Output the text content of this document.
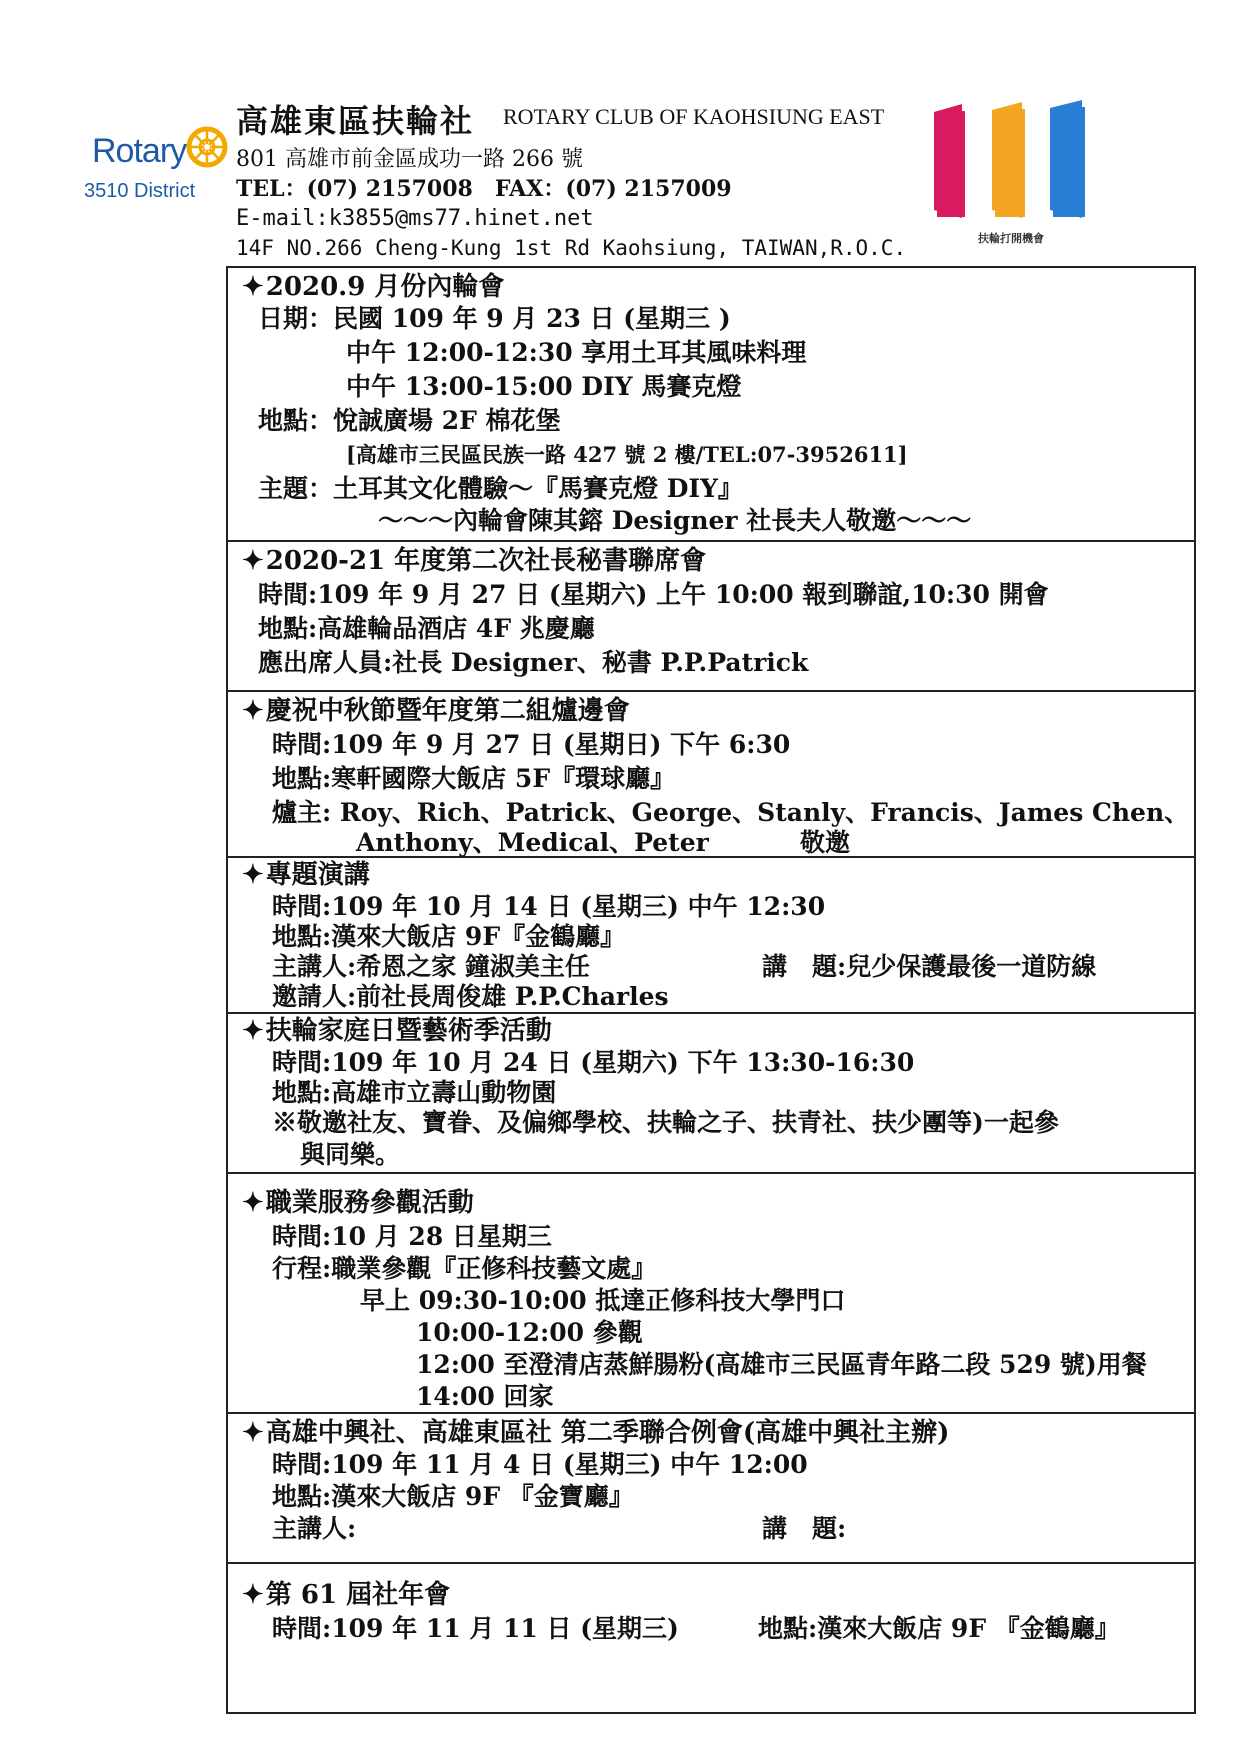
Rotary
3510 District
高雄東區扶輪社 ROTARY CLUB OF KAOHSIUNG EAST
801 高雄市前金區成功一路 266 號
TEL：(07) 2157008　FAX：(07) 2157009
E-mail:k3855@ms77.hinet.net
14F NO.266 Cheng-Kung 1st Rd Kaohsiung, TAIWAN,R.O.C.	扶輪打開機會
✦2020.9 月份內輪會
日期：民國 109 年 9 月 23 日 (星期三 )
中午 12:00-12:30 享用土耳其風味料理
中午 13:00-15:00 DIY 馬賽克燈
地點：悅誠廣場 2F 棉花堡
[高雄市三民區民族一路 427 號 2 樓/TEL:07-3952611]
主題：土耳其文化體驗～『馬賽克燈 DIY』
～～～內輪會陳其鎔 Designer 社長夫人敬邀～～～
✦2020-21 年度第二次社長秘書聯席會
時間:109 年 9 月 27 日 (星期六) 上午 10:00 報到聯誼,10:30 開會
地點:高雄輪品酒店 4F 兆慶廳
應出席人員:社長 Designer、秘書 P.P.Patrick
✦慶祝中秋節暨年度第二組爐邊會
時間:109 年 9 月 27 日 (星期日) 下午 6:30
地點:寒軒國際大飯店 5F『環球廳』
爐主: Roy、Rich、Patrick、George、Stanly、Francis、James Chen、
Anthony、Medical、Peter	敬邀
✦專題演講
時間:109 年 10 月 14 日 (星期三) 中午 12:30
地點:漢來大飯店 9F『金鶴廳』
主講人:希恩之家 鐘淑美主任	講　題:兒少保護最後一道防線
邀請人:前社長周俊雄 P.P.Charles
✦扶輪家庭日暨藝術季活動
時間:109 年 10 月 24 日 (星期六) 下午 13:30-16:30
地點:高雄市立壽山動物園
※敬邀社友、寶眷、及偏鄉學校、扶輪之子、扶青社、扶少團等)一起參
與同樂。
✦職業服務參觀活動
時間:10 月 28 日星期三
行程:職業參觀『正修科技藝文處』
早上 09:30-10:00 抵達正修科技大學門口
10:00-12:00 參觀
12:00 至澄清店蒸鮮腸粉(高雄市三民區青年路二段 529 號)用餐
14:00 回家
✦高雄中興社、高雄東區社 第二季聯合例會(高雄中興社主辦)
時間:109 年 11 月 4 日 (星期三) 中午 12:00
地點:漢來大飯店 9F 『金寶廳』
主講人:	講　題:
✦第 61 屆社年會
時間:109 年 11 月 11 日 (星期三)	地點:漢來大飯店 9F 『金鶴廳』
